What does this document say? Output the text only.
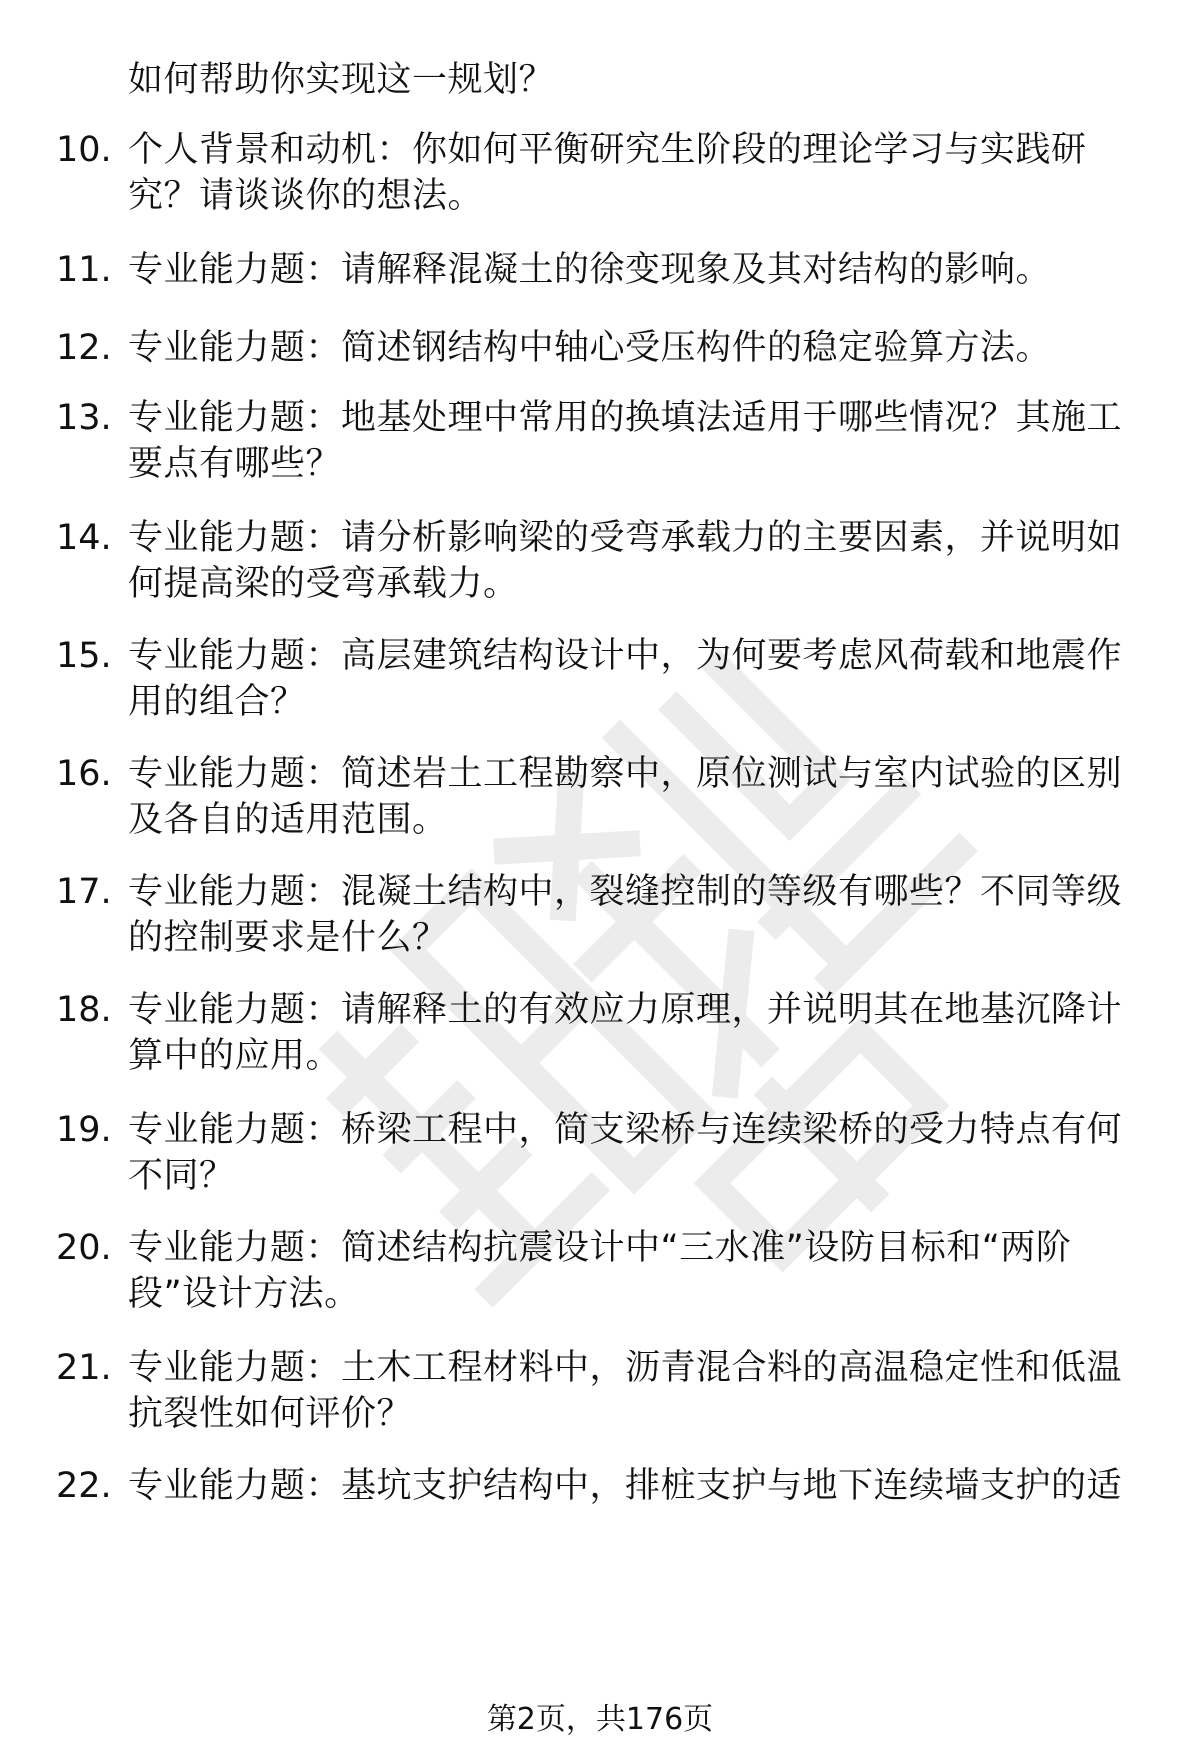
如何帮助你实现这一规划？
10. 个人背景和动机：你如何平衡研究生阶段的理论学习与实践研
究？请谈谈你的想法。
11. 专业能力题：请解释混凝土的徐变现象及其对结构的影响。
12. 专业能力题：简述钢结构中轴心受压构件的稳定验算方法。
13. 专业能力题：地基处理中常用的换填法适用于哪些情况？其施工
要点有哪些？
14. 专业能力题：请分析影响梁的受弯承载力的主要因素，并说明如
何提高梁的受弯承载力。
15. 专业能力题：高层建筑结构设计中，为何要考虑风荷载和地震作
用的组合？
16. 专业能力题：简述岩土工程勘察中，原位测试与室内试验的区别
及各自的适用范围。
17. 专业能力题：混凝土结构中，裂缝控制的等级有哪些？不同等级
的控制要求是什么？
18. 专业能力题：请解释土的有效应力原理，并说明其在地基沉降计
算中的应用。
19. 专业能力题：桥梁工程中，简支梁桥与连续梁桥的受力特点有何
不同？
20. 专业能力题：简述结构抗震设计中“三水准”设防目标和“两阶
段”设计方法。
21. 专业能力题：土木工程材料中，沥青混合料的高温稳定性和低温
抗裂性如何评价？
22. 专业能力题：基坑支护结构中，排桩支护与地下连续墙支护的适
第2页，共176页
